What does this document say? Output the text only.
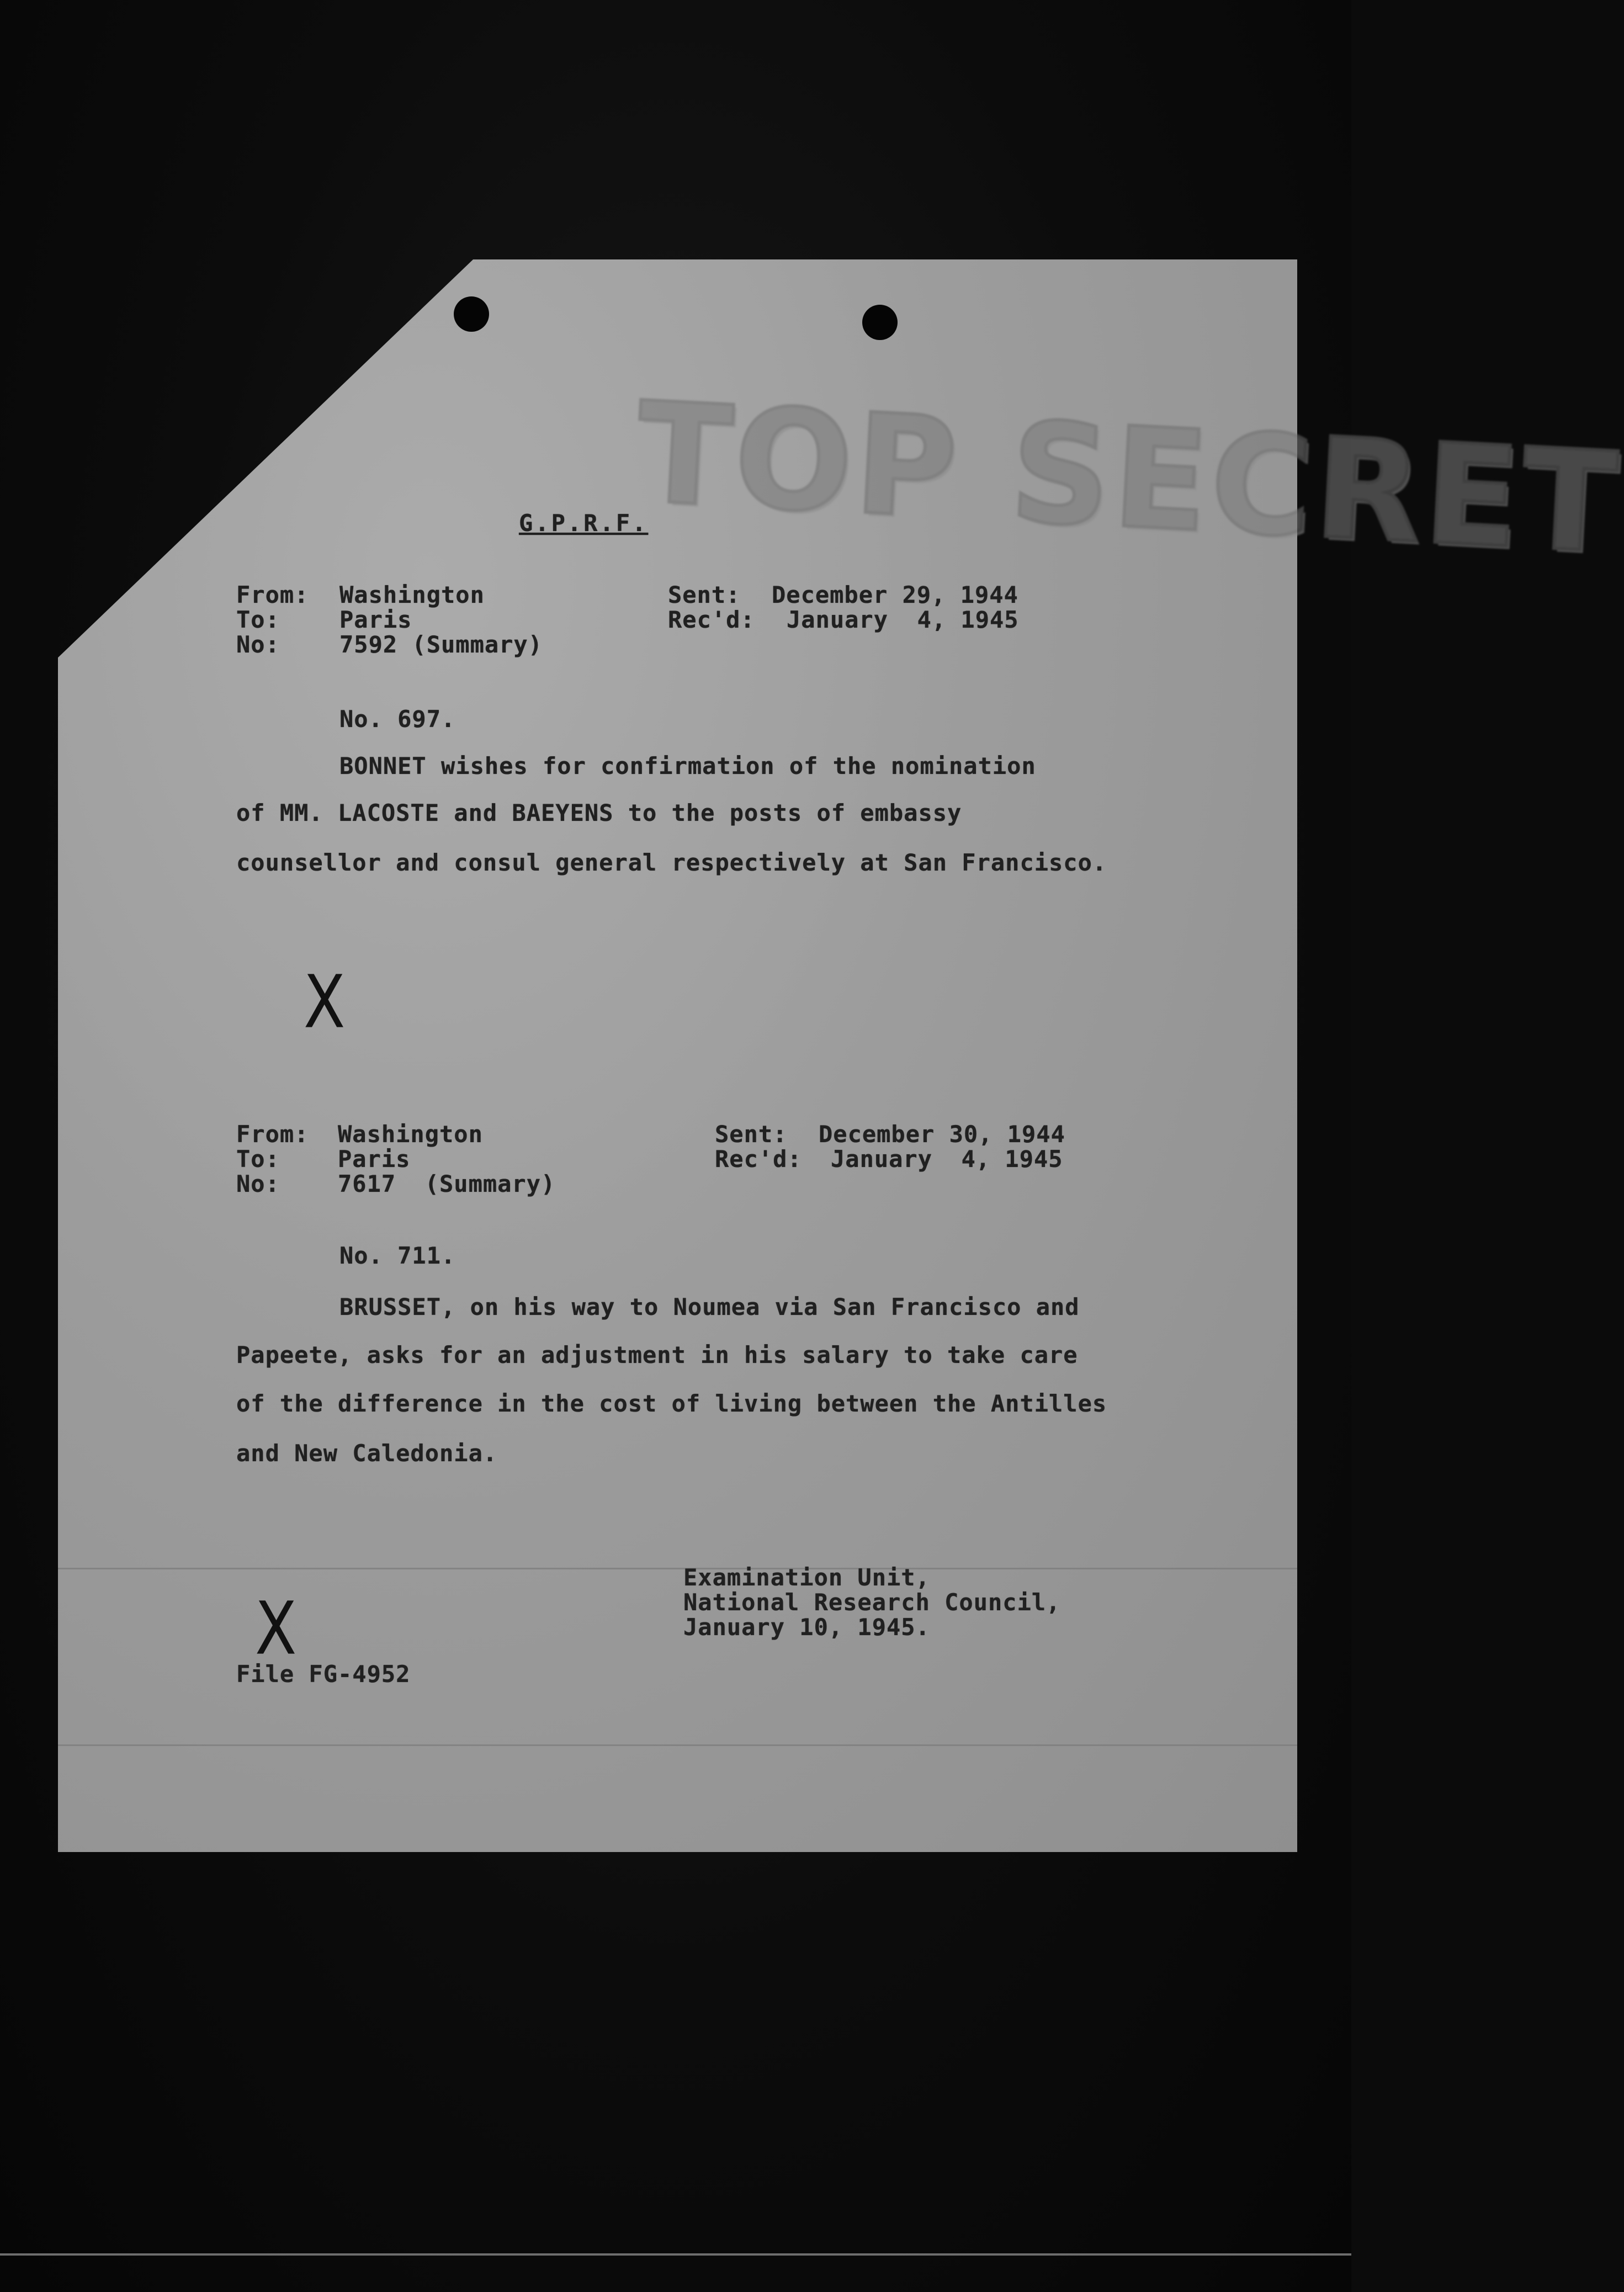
TOP SECRET
G.P.R.F.
From: Washington
To:	Paris
No:	7592 (Summary)
Sent: December 29, 1944
Rec'd: January  4, 1945
No. 697.
BONNET wishes for confirmation of the nomination
of MM. LACOSTE and BAEYENS to the posts of embassy
counsellor and consul general respectively at San Francisco.
X
From: Washington
To:	Paris
No:	7617  (Summary)
Sent: December 30, 1944
Rec'd: January  4, 1945
No. 711.
BRUSSET, on his way to Noumea via San Francisco and
Papeete, asks for an adjustment in his salary to take care
of the difference in the cost of living between the Antilles
and New Caledonia.
Examination Unit,
National Research Council,
January 10, 1945.
X
File FG-4952
